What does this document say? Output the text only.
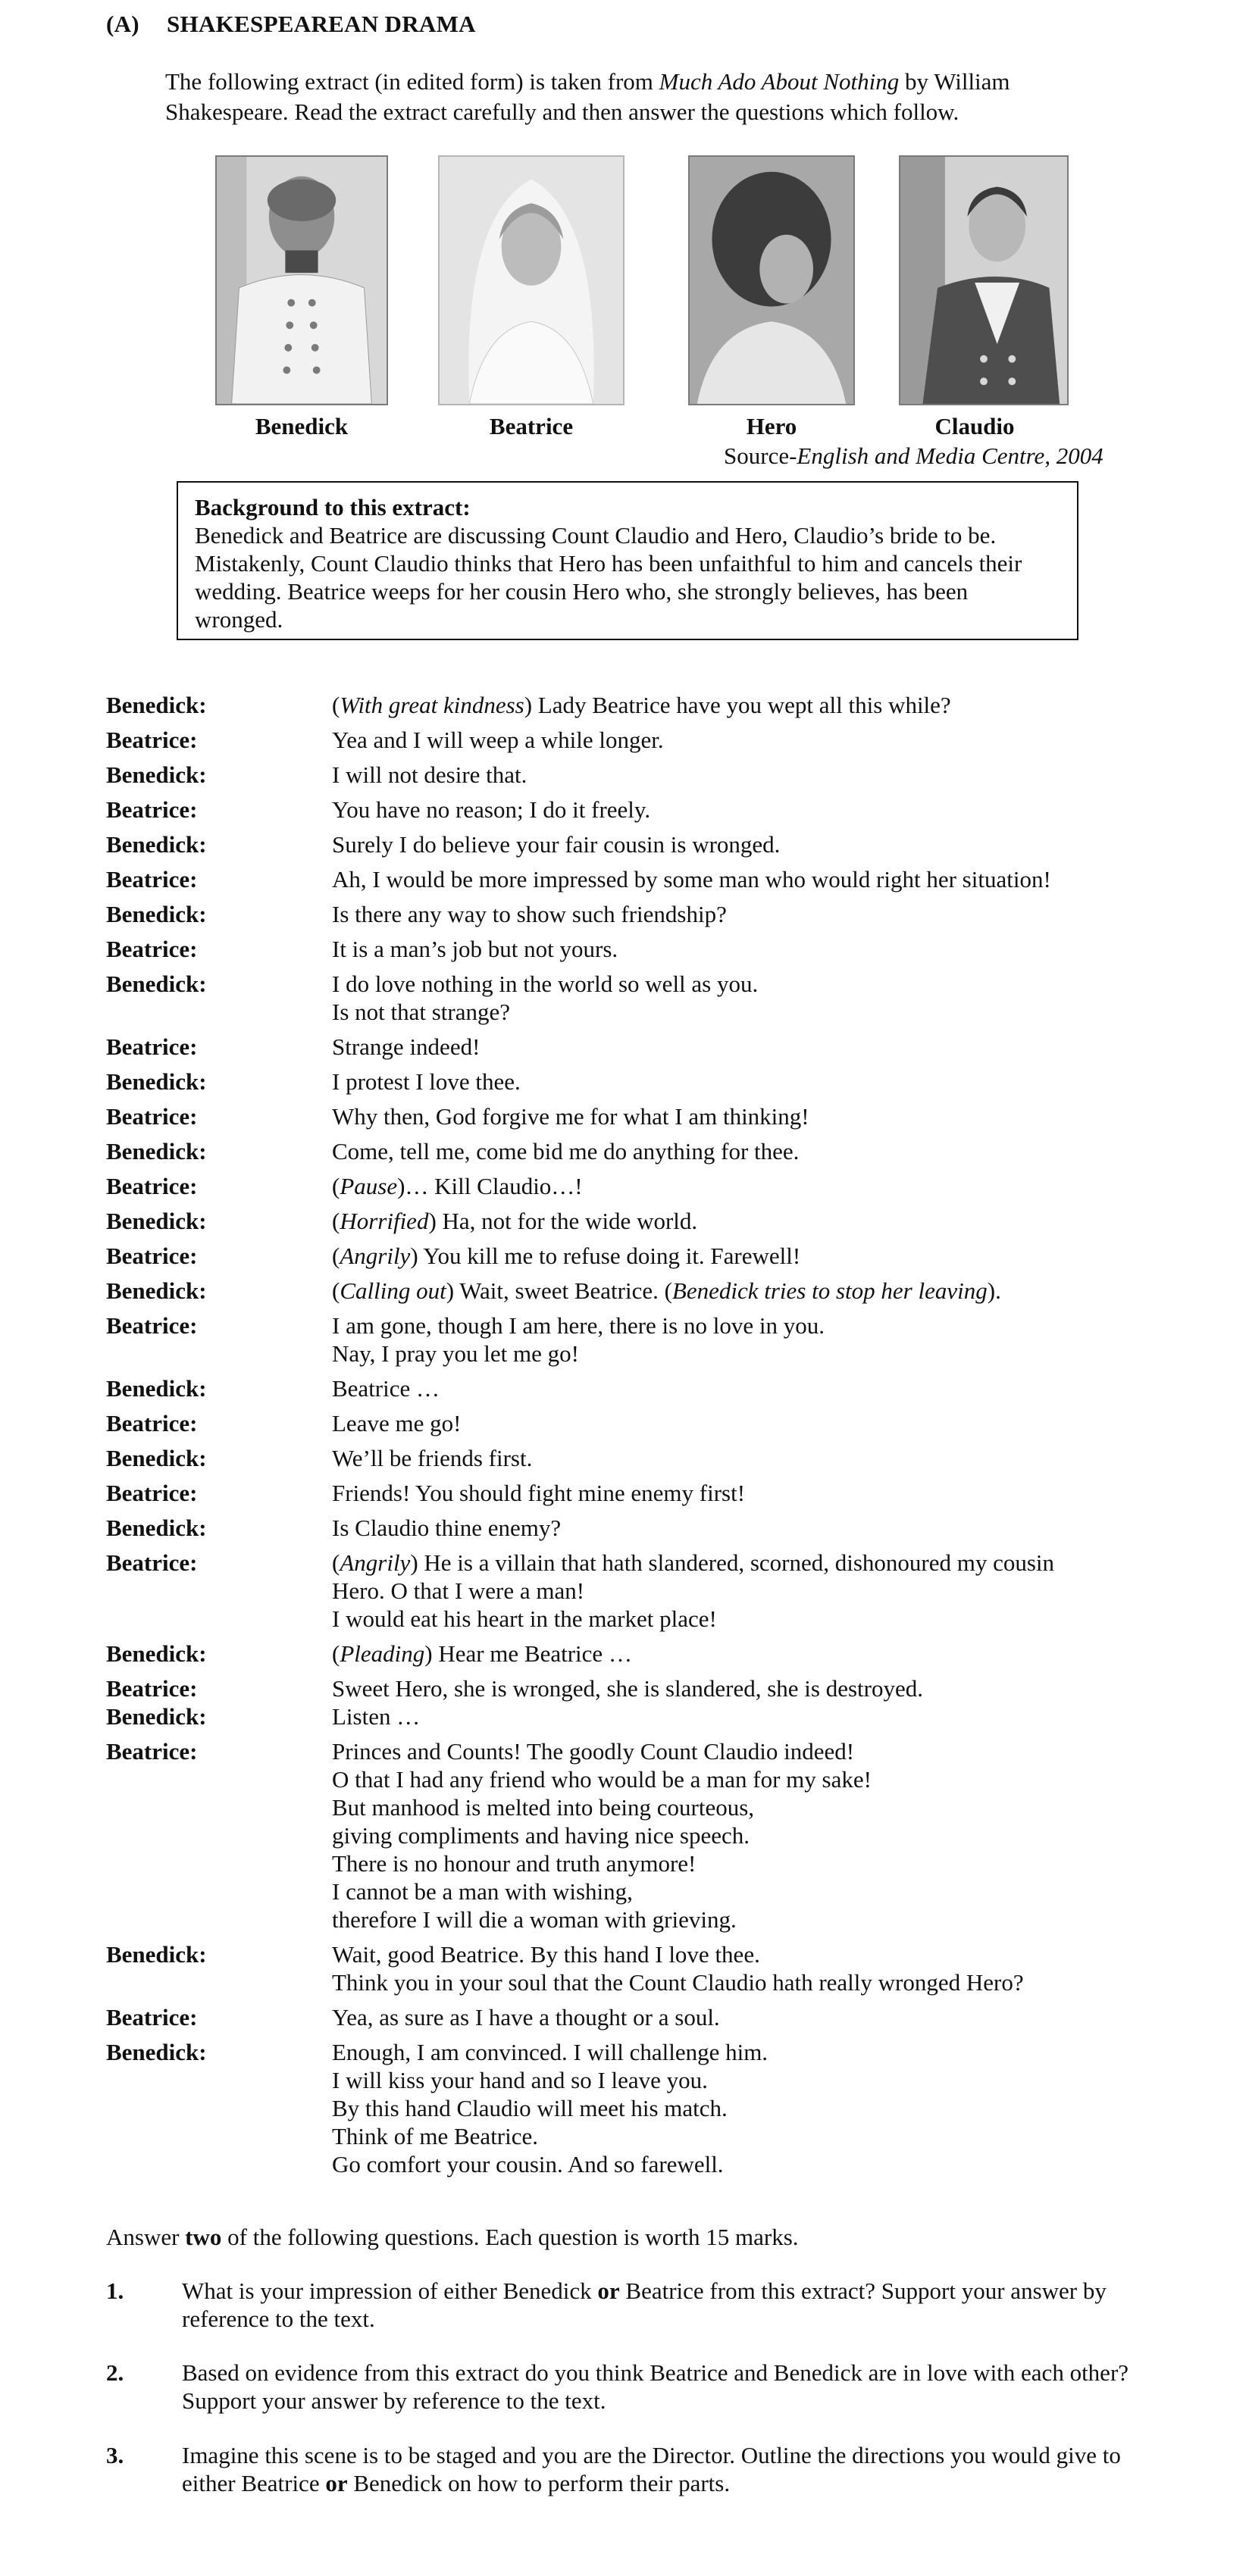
(A) SHAKESPEAREAN DRAMA
The following extract (in edited form) is taken from Much Ado About Nothing by William Shakespeare. Read the extract carefully and then answer the questions which follow.
Benedick	Beatrice	Hero	Claudio
Source-English and Media Centre, 2004
Background to this extract:
Benedick and Beatrice are discussing Count Claudio and Hero, Claudio’s bride to be. Mistakenly, Count Claudio thinks that Hero has been unfaithful to him and cancels their wedding. Beatrice weeps for her cousin Hero who, she strongly believes, has been wronged.
Benedick:	(With great kindness) Lady Beatrice have you wept all this while?
Beatrice:	Yea and I will weep a while longer.
Benedick:	I will not desire that.
Beatrice:	You have no reason; I do it freely.
Benedick:	Surely I do believe your fair cousin is wronged.
Beatrice:	Ah, I would be more impressed by some man who would right her situation!
Benedick:	Is there any way to show such friendship?
Beatrice:	It is a man’s job but not yours.
Benedick:	I do love nothing in the world so well as you.
Is not that strange?
Beatrice:	Strange indeed!
Benedick:	I protest I love thee.
Beatrice:	Why then, God forgive me for what I am thinking!
Benedick:	Come, tell me, come bid me do anything for thee.
Beatrice:	(Pause)… Kill Claudio…!
Benedick:	(Horrified) Ha, not for the wide world.
Beatrice:	(Angrily) You kill me to refuse doing it. Farewell!
Benedick:	(Calling out) Wait, sweet Beatrice. (Benedick tries to stop her leaving).
Beatrice:	I am gone, though I am here, there is no love in you.
Nay, I pray you let me go!
Benedick:	Beatrice …
Beatrice:	Leave me go!
Benedick:	We’ll be friends first.
Beatrice:	Friends! You should fight mine enemy first!
Benedick:	Is Claudio thine enemy?
Beatrice:	(Angrily) He is a villain that hath slandered, scorned, dishonoured my cousin
Hero. O that I were a man!
I would eat his heart in the market place!
Benedick:	(Pleading) Hear me Beatrice …
Beatrice:	Sweet Hero, she is wronged, she is slandered, she is destroyed.
Benedick:	Listen …
Beatrice:	Princes and Counts! The goodly Count Claudio indeed!
O that I had any friend who would be a man for my sake!
But manhood is melted into being courteous,
giving compliments and having nice speech.
There is no honour and truth anymore!
I cannot be a man with wishing,
therefore I will die a woman with grieving.
Benedick:	Wait, good Beatrice. By this hand I love thee.
Think you in your soul that the Count Claudio hath really wronged Hero?
Beatrice:	Yea, as sure as I have a thought or a soul.
Benedick:	Enough, I am convinced. I will challenge him.
I will kiss your hand and so I leave you.
By this hand Claudio will meet his match.
Think of me Beatrice.
Go comfort your cousin. And so farewell.
Answer two of the following questions. Each question is worth 15 marks.
1.	What is your impression of either Benedick or Beatrice from this extract? Support your answer by reference to the text.
2.	Based on evidence from this extract do you think Beatrice and Benedick are in love with each other? Support your answer by reference to the text.
3.	Imagine this scene is to be staged and you are the Director. Outline the directions you would give to either Beatrice or Benedick on how to perform their parts.
